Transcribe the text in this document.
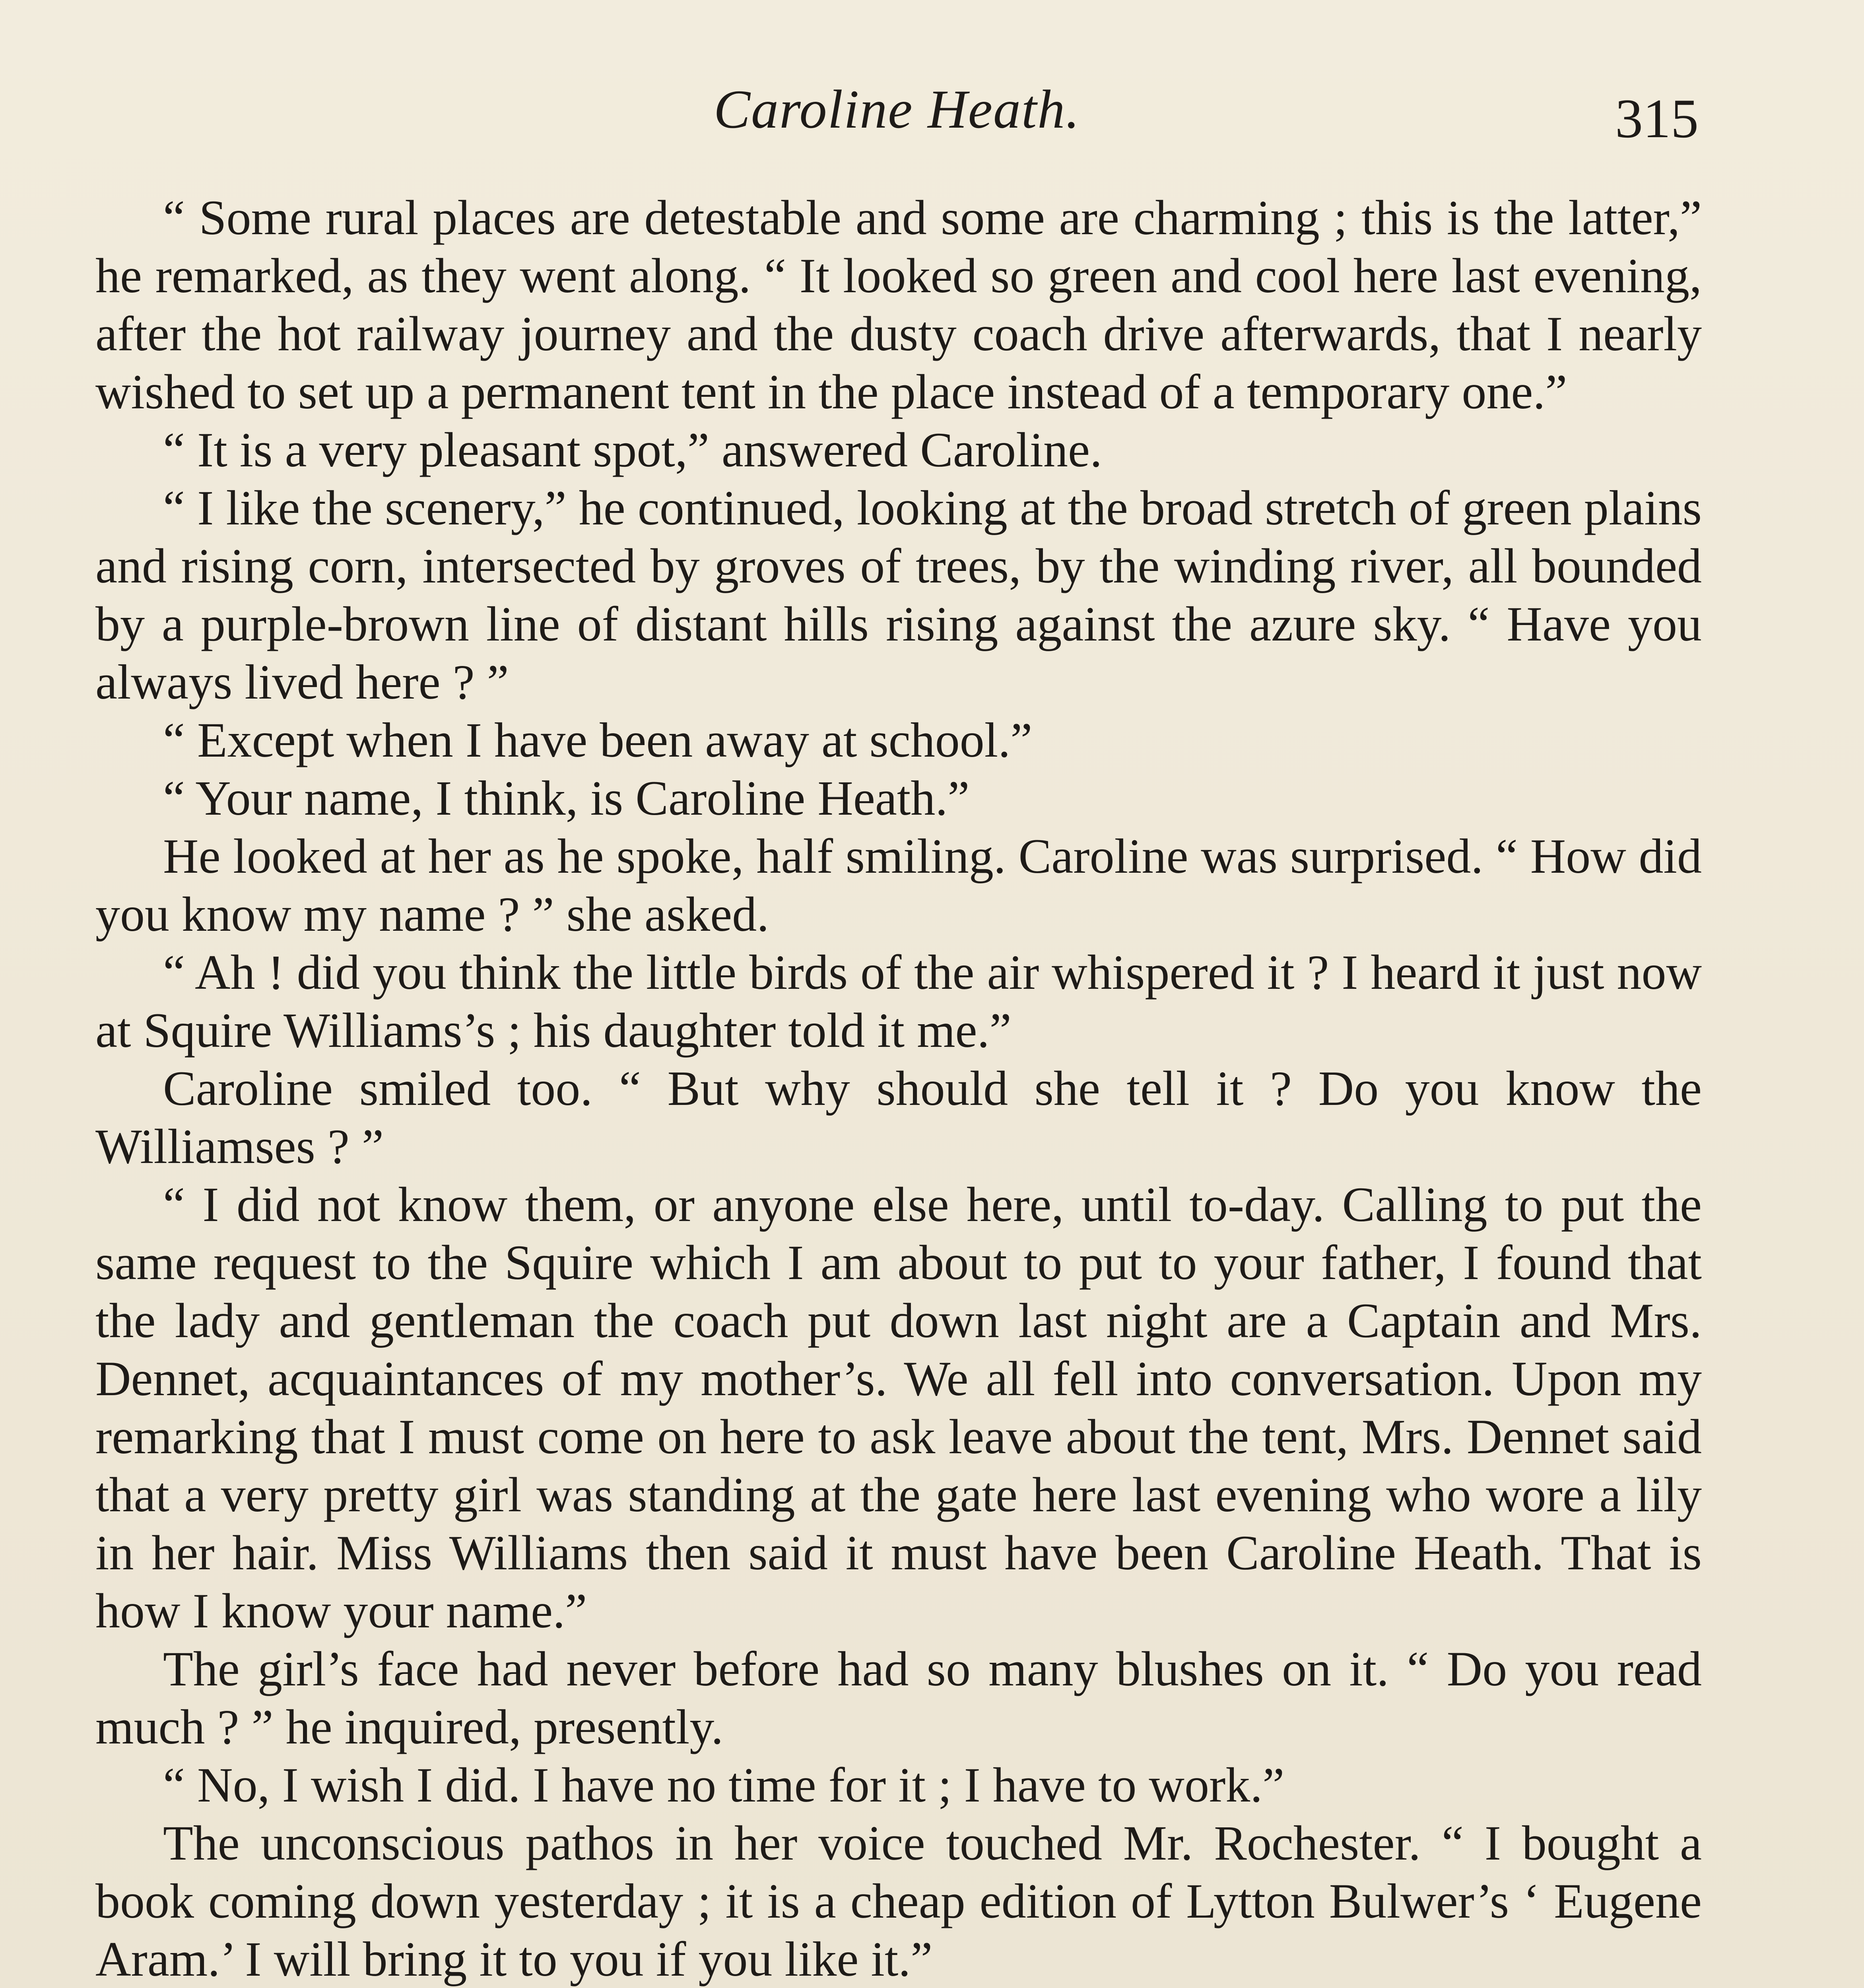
Caroline Heath.	315

“ Some rural places are detestable and some are charming ; this is the latter,” he remarked, as they went along. “ It looked so green and cool here last evening, after the hot railway journey and the dusty coach drive afterwards, that I nearly wished to set up a permanent tent in the place instead of a temporary one.”

“ It is a very pleasant spot,” answered Caroline.

“ I like the scenery,” he continued, looking at the broad stretch of green plains and rising corn, intersected by groves of trees, by the winding river, all bounded by a purple-brown line of distant hills rising against the azure sky. “ Have you always lived here ? ”

“ Except when I have been away at school.”

“ Your name, I think, is Caroline Heath.”

He looked at her as he spoke, half smiling. Caroline was surprised. “ How did you know my name ? ” she asked.

“ Ah ! did you think the little birds of the air whispered it ? I heard it just now at Squire Williams’s ; his daughter told it me.”

Caroline smiled too. “ But why should she tell it ? Do you know the Williamses ? ”

“ I did not know them, or anyone else here, until to-day. Calling to put the same request to the Squire which I am about to put to your father, I found that the lady and gentleman the coach put down last night are a Captain and Mrs. Dennet, acquaintances of my mother’s. We all fell into conversation. Upon my remarking that I must come on here to ask leave about the tent, Mrs. Dennet said that a very pretty girl was standing at the gate here last evening who wore a lily in her hair. Miss Williams then said it must have been Caroline Heath. That is how I know your name.”

The girl’s face had never before had so many blushes on it. “ Do you read much ? ” he inquired, presently.

“ No, I wish I did. I have no time for it ; I have to work.”

The unconscious pathos in her voice touched Mr. Rochester. “ I bought a book coming down yesterday ; it is a cheap edition of Lytton Bulwer’s ‘ Eugene Aram.’ I will bring it to you if you like it.”
